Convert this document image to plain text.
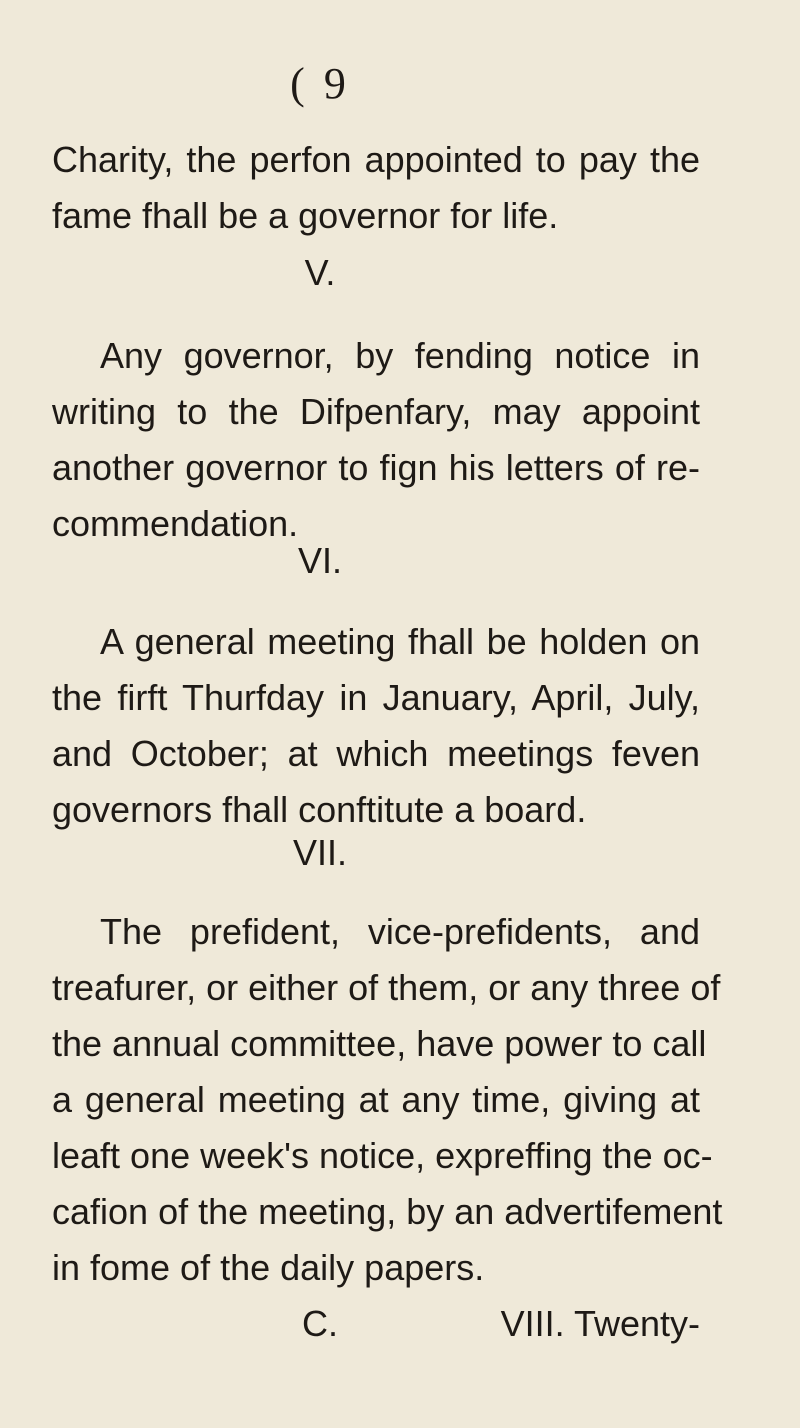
( 9
Charity, the perfon appointed to pay the
fame fhall be a governor for life.
V.
Any governor, by fending notice in
writing to the Difpenfary, may appoint
another governor to fign his letters of re-
commendation.
VI.
A general meeting fhall be holden on
the firft Thurfday in January, April, July,
and October; at which meetings feven
governors fhall conftitute a board.
VII.
The prefident, vice-prefidents, and
treafurer, or either of them, or any three of
the annual committee, have power to call
a general meeting at any time, giving at
leaft one week's notice, expreffing the oc-
cafion of the meeting, by an advertifement
in fome of the daily papers.
C.	VIII. Twenty-
